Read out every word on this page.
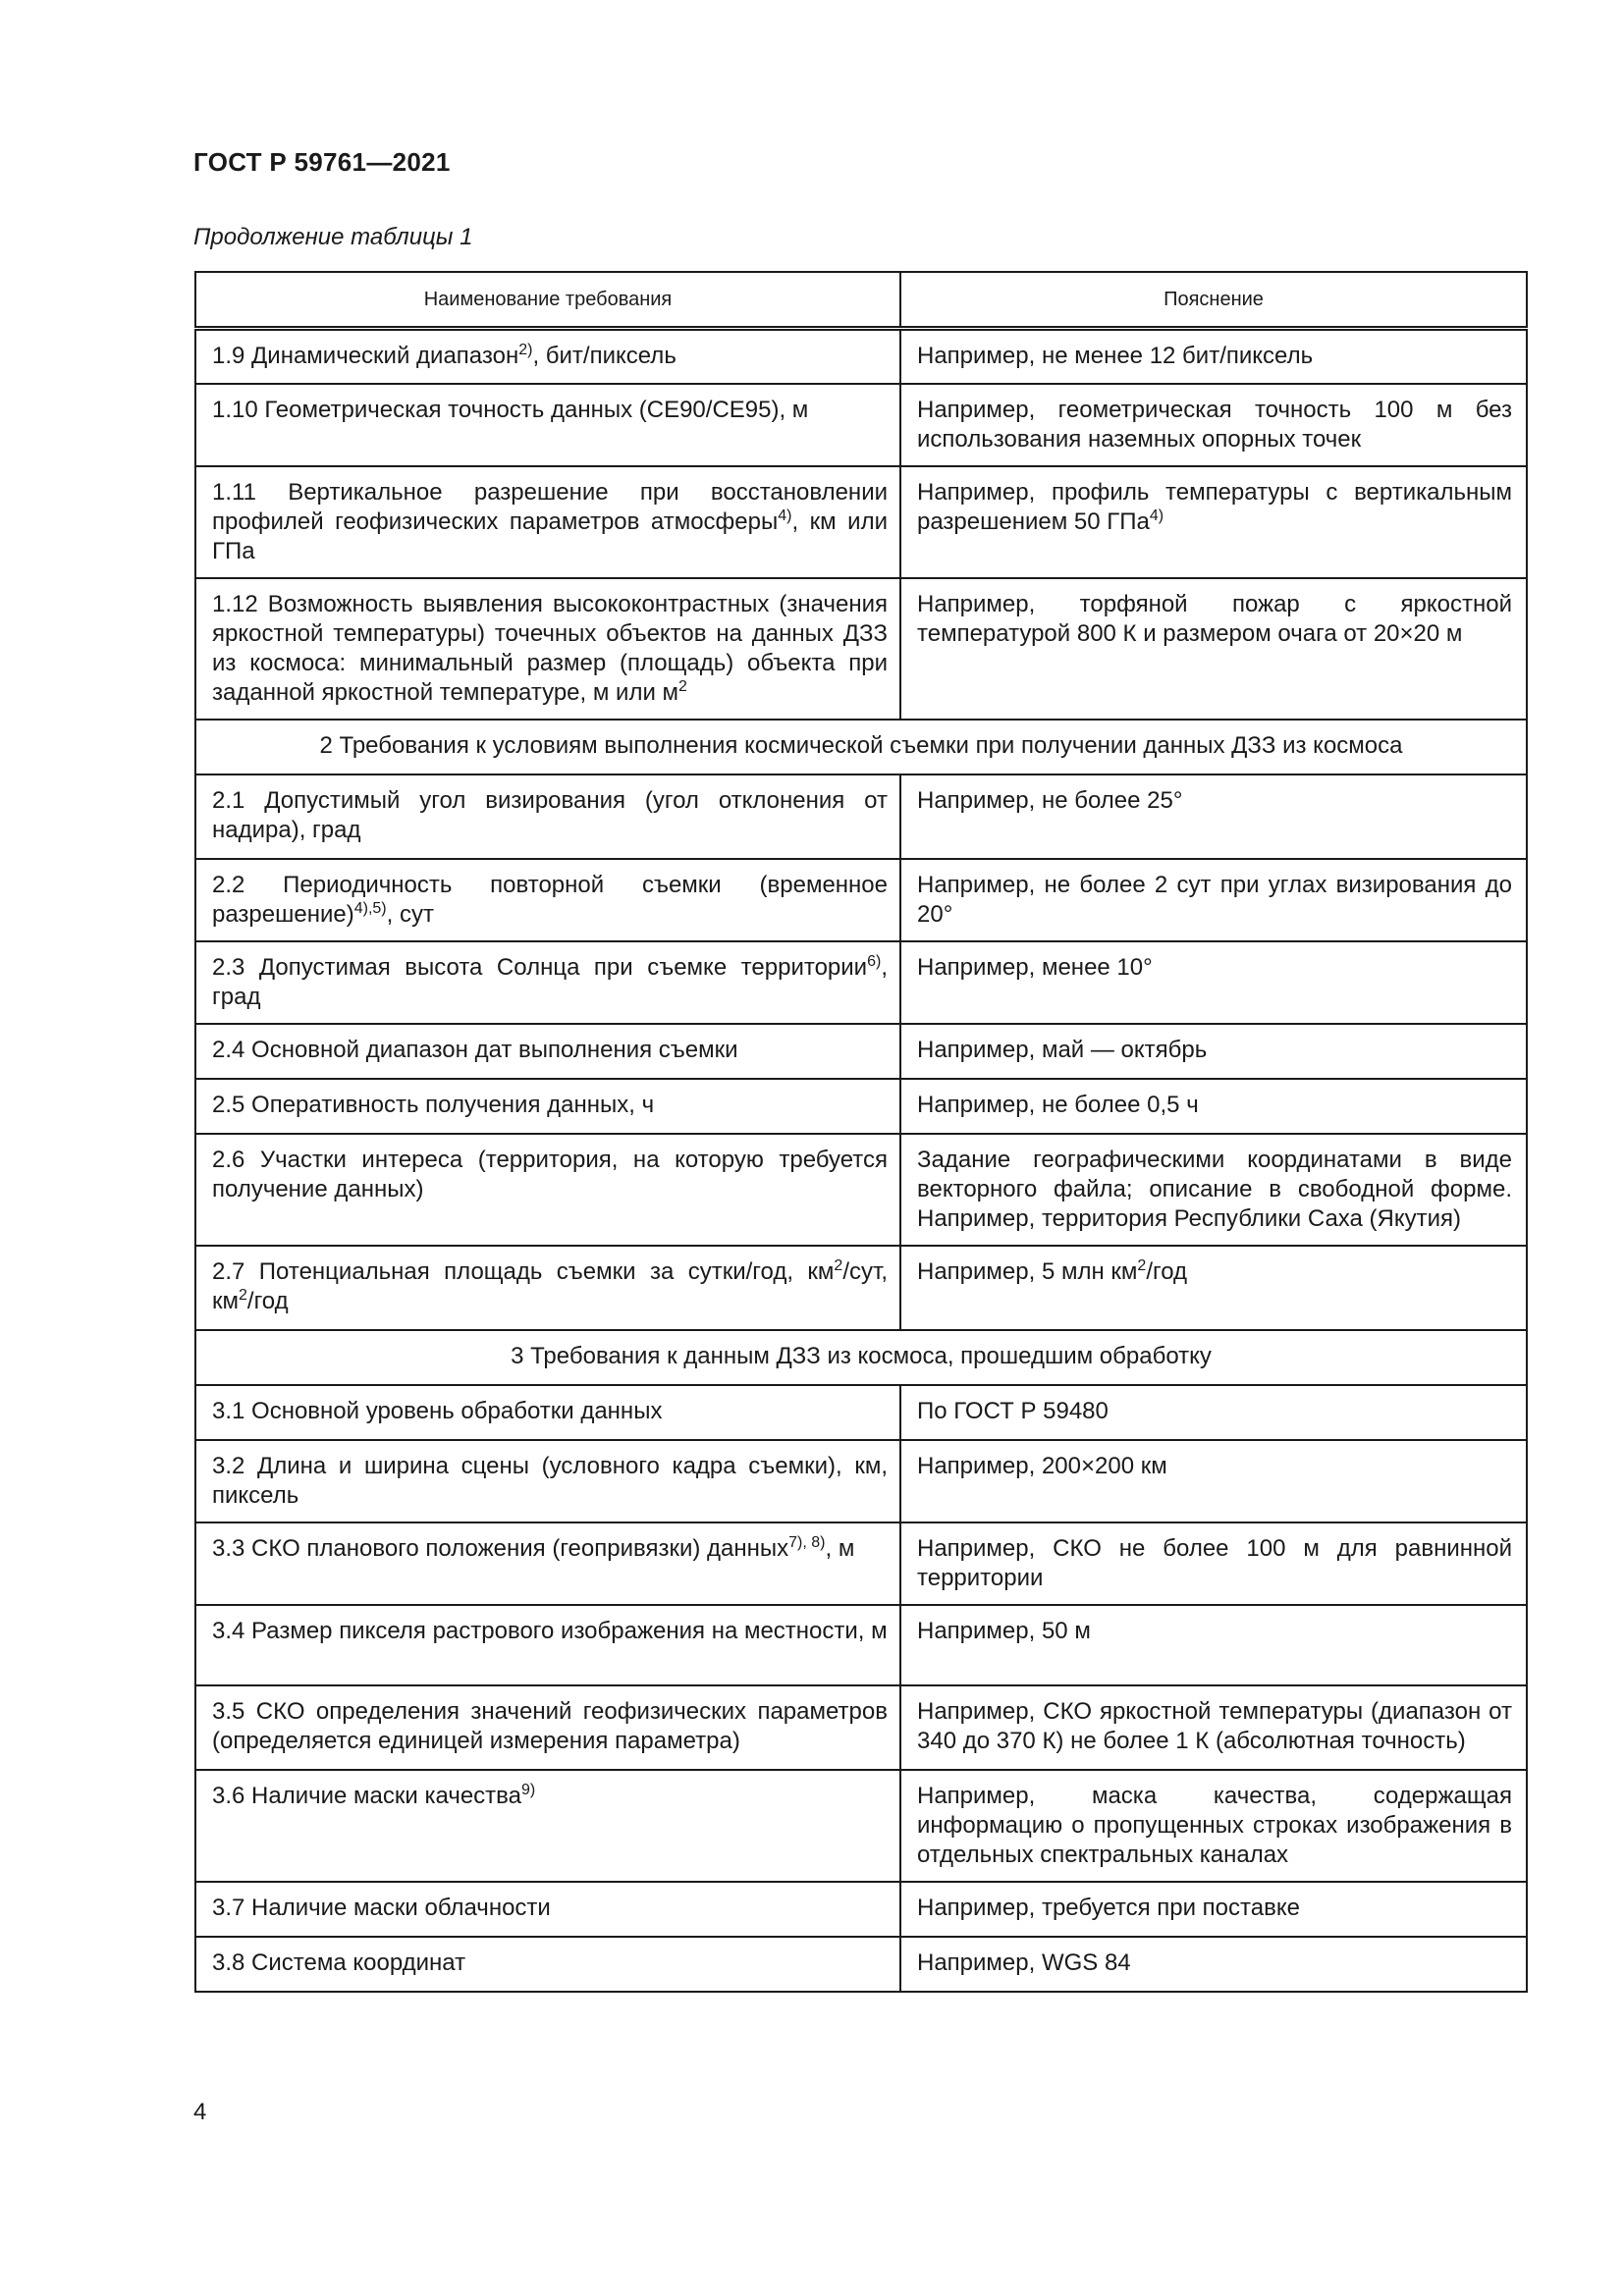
ГОСТ Р 59761—2021
Продолжение таблицы 1
Наименование требования	Пояснение
1.9 Динамический диапазон$^{2)}$, бит/пиксель	Например, не менее 12 бит/пиксель
1.10 Геометрическая точность данных (CE90/CE95), м	Например, геометрическая точность 100 м без использования наземных опорных точек
1.11 Вертикальное разрешение при восстановлении профилей геофизических параметров атмосферы$^{4)}$, км или ГПа	Например, профиль температуры с вертикальным разрешением 50 ГПа$^{4)}$
1.12 Возможность выявления высококонтрастных (значения яркостной температуры) точечных объектов на данных ДЗЗ из космоса: минимальный размер (площадь) объекта при заданной яркостной температуре, м или $м^2$	Например, торфяной пожар с яркостной температурой 800 К и размером очага от 20×20 м
2 Требования к условиям выполнения космической съемки при получении данных ДЗЗ из космоса	
2.1 Допустимый угол визирования (угол отклонения от надира), град	Например, не более 25°
2.2 Периодичность повторной съемки (временное разрешение)$^{4),5)}$, сут	Например, не более 2 сут при углах визирования до 20°
2.3 Допустимая высота Солнца при съемке территории$^{6)}$, град	Например, менее 10°
2.4 Основной диапазон дат выполнения съемки	Например, май — октябрь
2.5 Оперативность получения данных, ч	Например, не более 0,5 ч
2.6 Участки интереса (территория, на которую требуется получение данных)	Задание географическими координатами в виде векторного файла; описание в свободной форме. Например, территория Республики Саха (Якутия)
2.7 Потенциальная площадь съемки за сутки/год, $км^2$/сут, $км^2$/год	Например, 5 млн $км^2$/год
3 Требования к данным ДЗЗ из космоса, прошедшим обработку	
3.1 Основной уровень обработки данных	По ГОСТ Р 59480
3.2 Длина и ширина сцены (условного кадра съемки), км, пиксель	Например, 200×200 км
3.3 СКО планового положения (геопривязки) данных$^{7), 8)}$, м	Например, СКО не более 100 м для равнинной территории
3.4 Размер пикселя растрового изображения на местности, м	Например, 50 м
3.5 СКО определения значений геофизических параметров (определяется единицей измерения параметра)	Например, СКО яркостной температуры (диапазон от 340 до 370 К) не более 1 К (абсолютная точность)
3.6 Наличие маски качества$^{9)}$	Например, маска качества, содержащая информацию о пропущенных строках изображения в отдельных спектральных каналах
3.7 Наличие маски облачности	Например, требуется при поставке
3.8 Система координат	Например, WGS 84
4
